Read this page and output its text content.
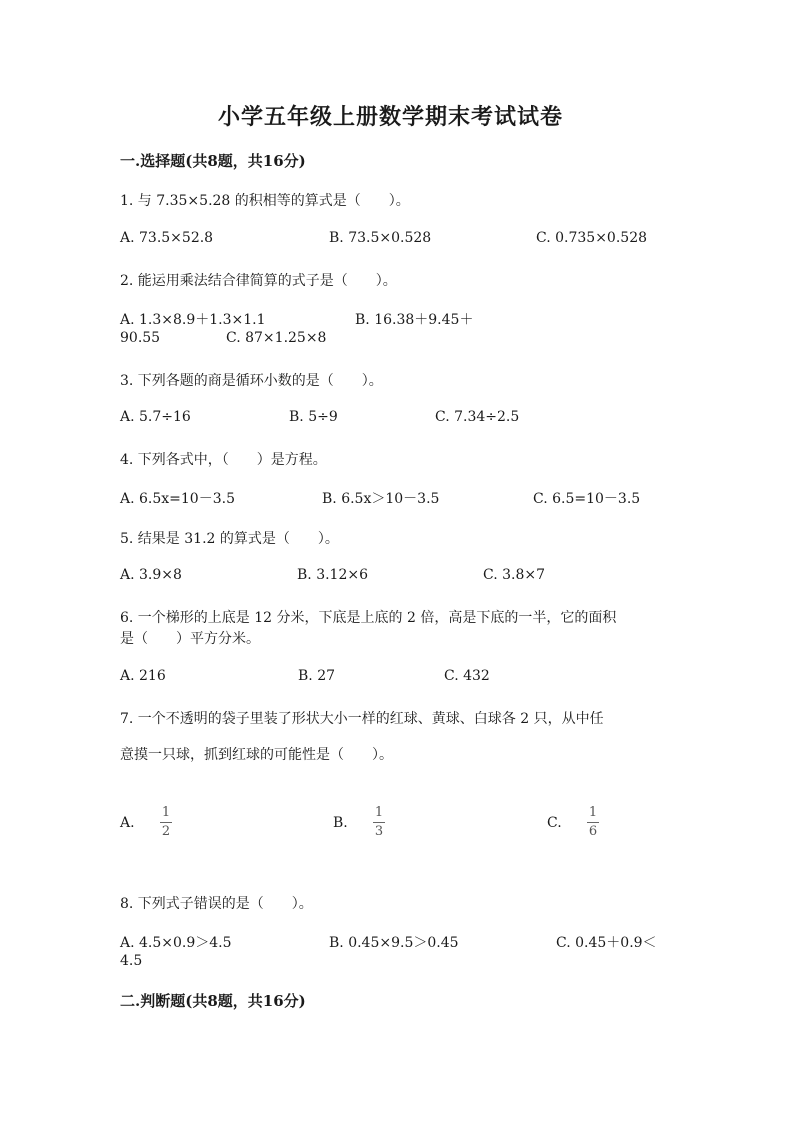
小学五年级上册数学期末考试试卷
一.选择题(共8题，共16分)
1. 与 7.35×5.28 的积相等的算式是（　　）。
A. 73.5×52.8	B. 73.5×0.528	C. 0.735×0.528
2. 能运用乘法结合律简算的式子是（　　）。
A. 1.3×8.9＋1.3×1.1	B. 16.38＋9.45＋
90.55	C. 87×1.25×8
3. 下列各题的商是循环小数的是（　　）。
A. 5.7÷16	B. 5÷9	C. 7.34÷2.5
4. 下列各式中，（　　）是方程。
A. 6.5x=10－3.5	B. 6.5x＞10－3.5	C. 6.5=10－3.5
5. 结果是 31.2 的算式是（　　）。
A. 3.9×8	B. 3.12×6	C. 3.8×7
6. 一个梯形的上底是 12 分米，下底是上底的 2 倍，高是下底的一半，它的面积
是（　　）平方分米。
A. 216	B. 27	C. 432
7. 一个不透明的袋子里装了形状大小一样的红球、黄球、白球各 2 只，从中任
意摸一只球，抓到红球的可能性是（　　）。
A.
1
2
B.
1
3
C.
1
6
8. 下列式子错误的是（　　）。
A. 4.5×0.9＞4.5	B. 0.45×9.5＞0.45	C. 0.45＋0.9＜
4.5
二.判断题(共8题，共16分)
